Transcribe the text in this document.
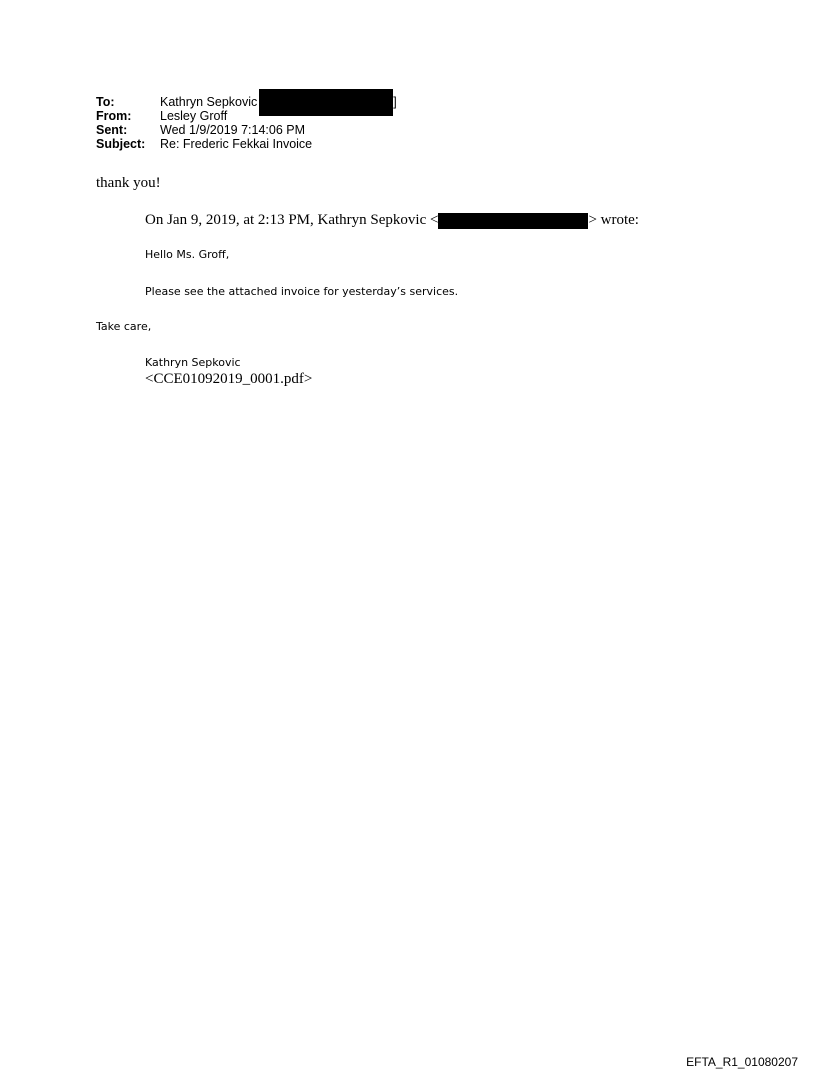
To:	Kathryn Sepkovic	]
From:	Lesley Groff
Sent:	Wed 1/9/2019 7:14:06 PM
Subject:	Re: Frederic Fekkai Invoice
thank you!
On Jan 9, 2019, at 2:13 PM, Kathryn Sepkovic <	> wrote:
Hello Ms. Groff,
Please see the attached invoice for yesterday’s services.
Take care,
Kathryn Sepkovic
<CCE01092019_0001.pdf>
EFTA_R1_01080207
